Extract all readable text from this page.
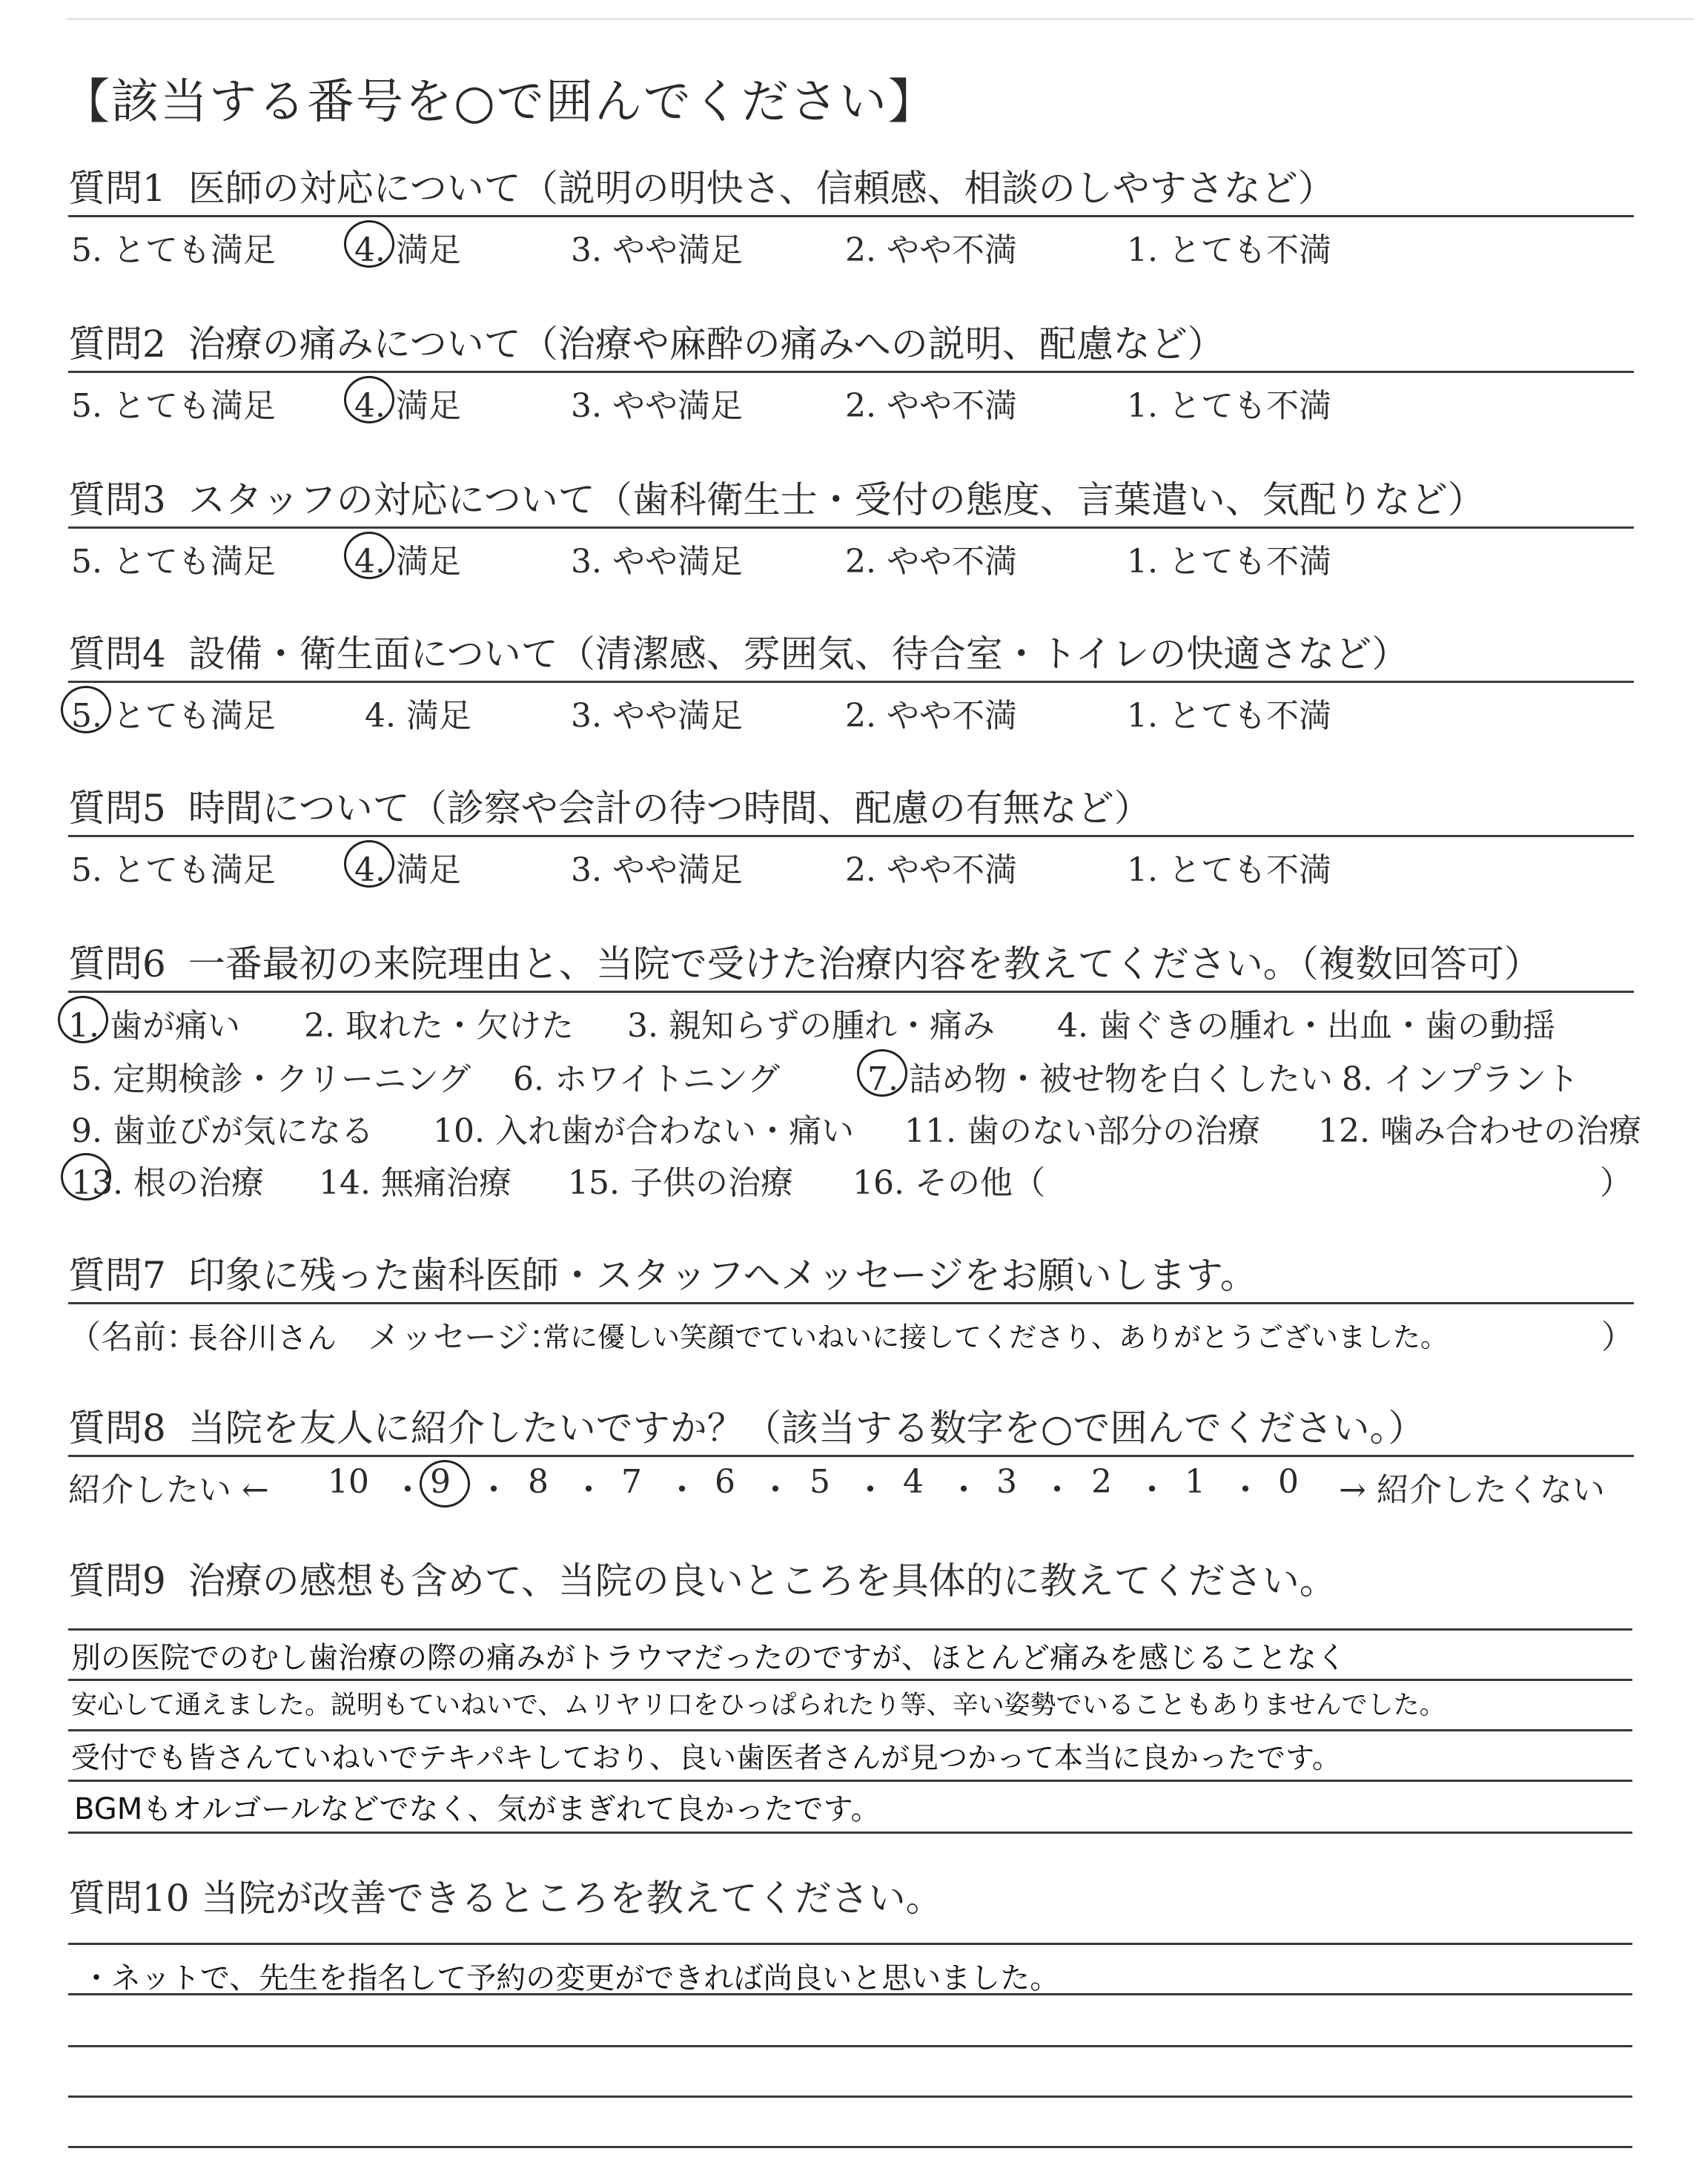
【該当する番号を○で囲んでください】
質問1 医師の対応について（説明の明快さ、信頼感、相談のしやすさなど）
5. とても満足 4. 満足	3. やや満足	2. やや不満	1. とても不満
質問2 治療の痛みについて（治療や麻酔の痛みへの説明、配慮など）
5. とても満足 4. 満足	3. やや満足	2. やや不満	1. とても不満
質問3 スタッフの対応について（歯科衛生士・受付の態度、言葉遣い、気配りなど）
5. とても満足 4. 満足	3. やや満足	2. やや不満	1. とても不満
質問4 設備・衛生面について（清潔感、雰囲気、待合室・トイレの快適さなど）
5. とても満足	4. 満足	3. やや満足	2. やや不満	1. とても不満
質問5 時間について（診察や会計の待つ時間、配慮の有無など）
5. とても満足 4. 満足	3. やや満足	2. やや不満	1. とても不満
質問6 一番最初の来院理由と、当院で受けた治療内容を教えてください。（複数回答可）
1. 歯が痛い 2. 取れた・欠けた 3. 親知らずの腫れ・痛み 4. 歯ぐきの腫れ・出血・歯の動揺
5. 定期検診・クリーニング 6. ホワイトニング	7. 詰め物・被せ物を白くしたい 8. インプラント
9. 歯並びが気になる 10. 入れ歯が合わない・痛い 11. 歯のない部分の治療 12. 噛み合わせの治療
13. 根の治療 14. 無痛治療 15. 子供の治療 16. その他（	）
質問7 印象に残った歯科医師・スタッフへメッセージをお願いします。
（名前：
長谷川さん メッセージ：
常に優しい笑顔でていねいに接してくださり、ありがとうございました。	）
質問8 当院を友人に紹介したいですか？（該当する数字を○で囲んでください。）
紹介したい ← 10 ・ 9 ・ 8 ・ 7 ・ 6 ・ 5 ・ 4 ・ 3 ・ 2 ・ 1 ・ 0 → 紹介したくない
質問9 治療の感想も含めて、当院の良いところを具体的に教えてください。
別の医院でのむし歯治療の際の痛みがトラウマだったのですが、ほとんど痛みを感じることなく
安心して通えました。説明もていねいで、ムリヤリ口をひっぱられたり等、辛い姿勢でいることもありませんでした。
受付でも皆さんていねいでテキパキしており、良い歯医者さんが見つかって本当に良かったです。
BGMもオルゴールなどでなく、気がまぎれて良かったです。
質問10 当院が改善できるところを教えてください。
・ネットで、先生を指名して予約の変更ができれば尚良いと思いました。
